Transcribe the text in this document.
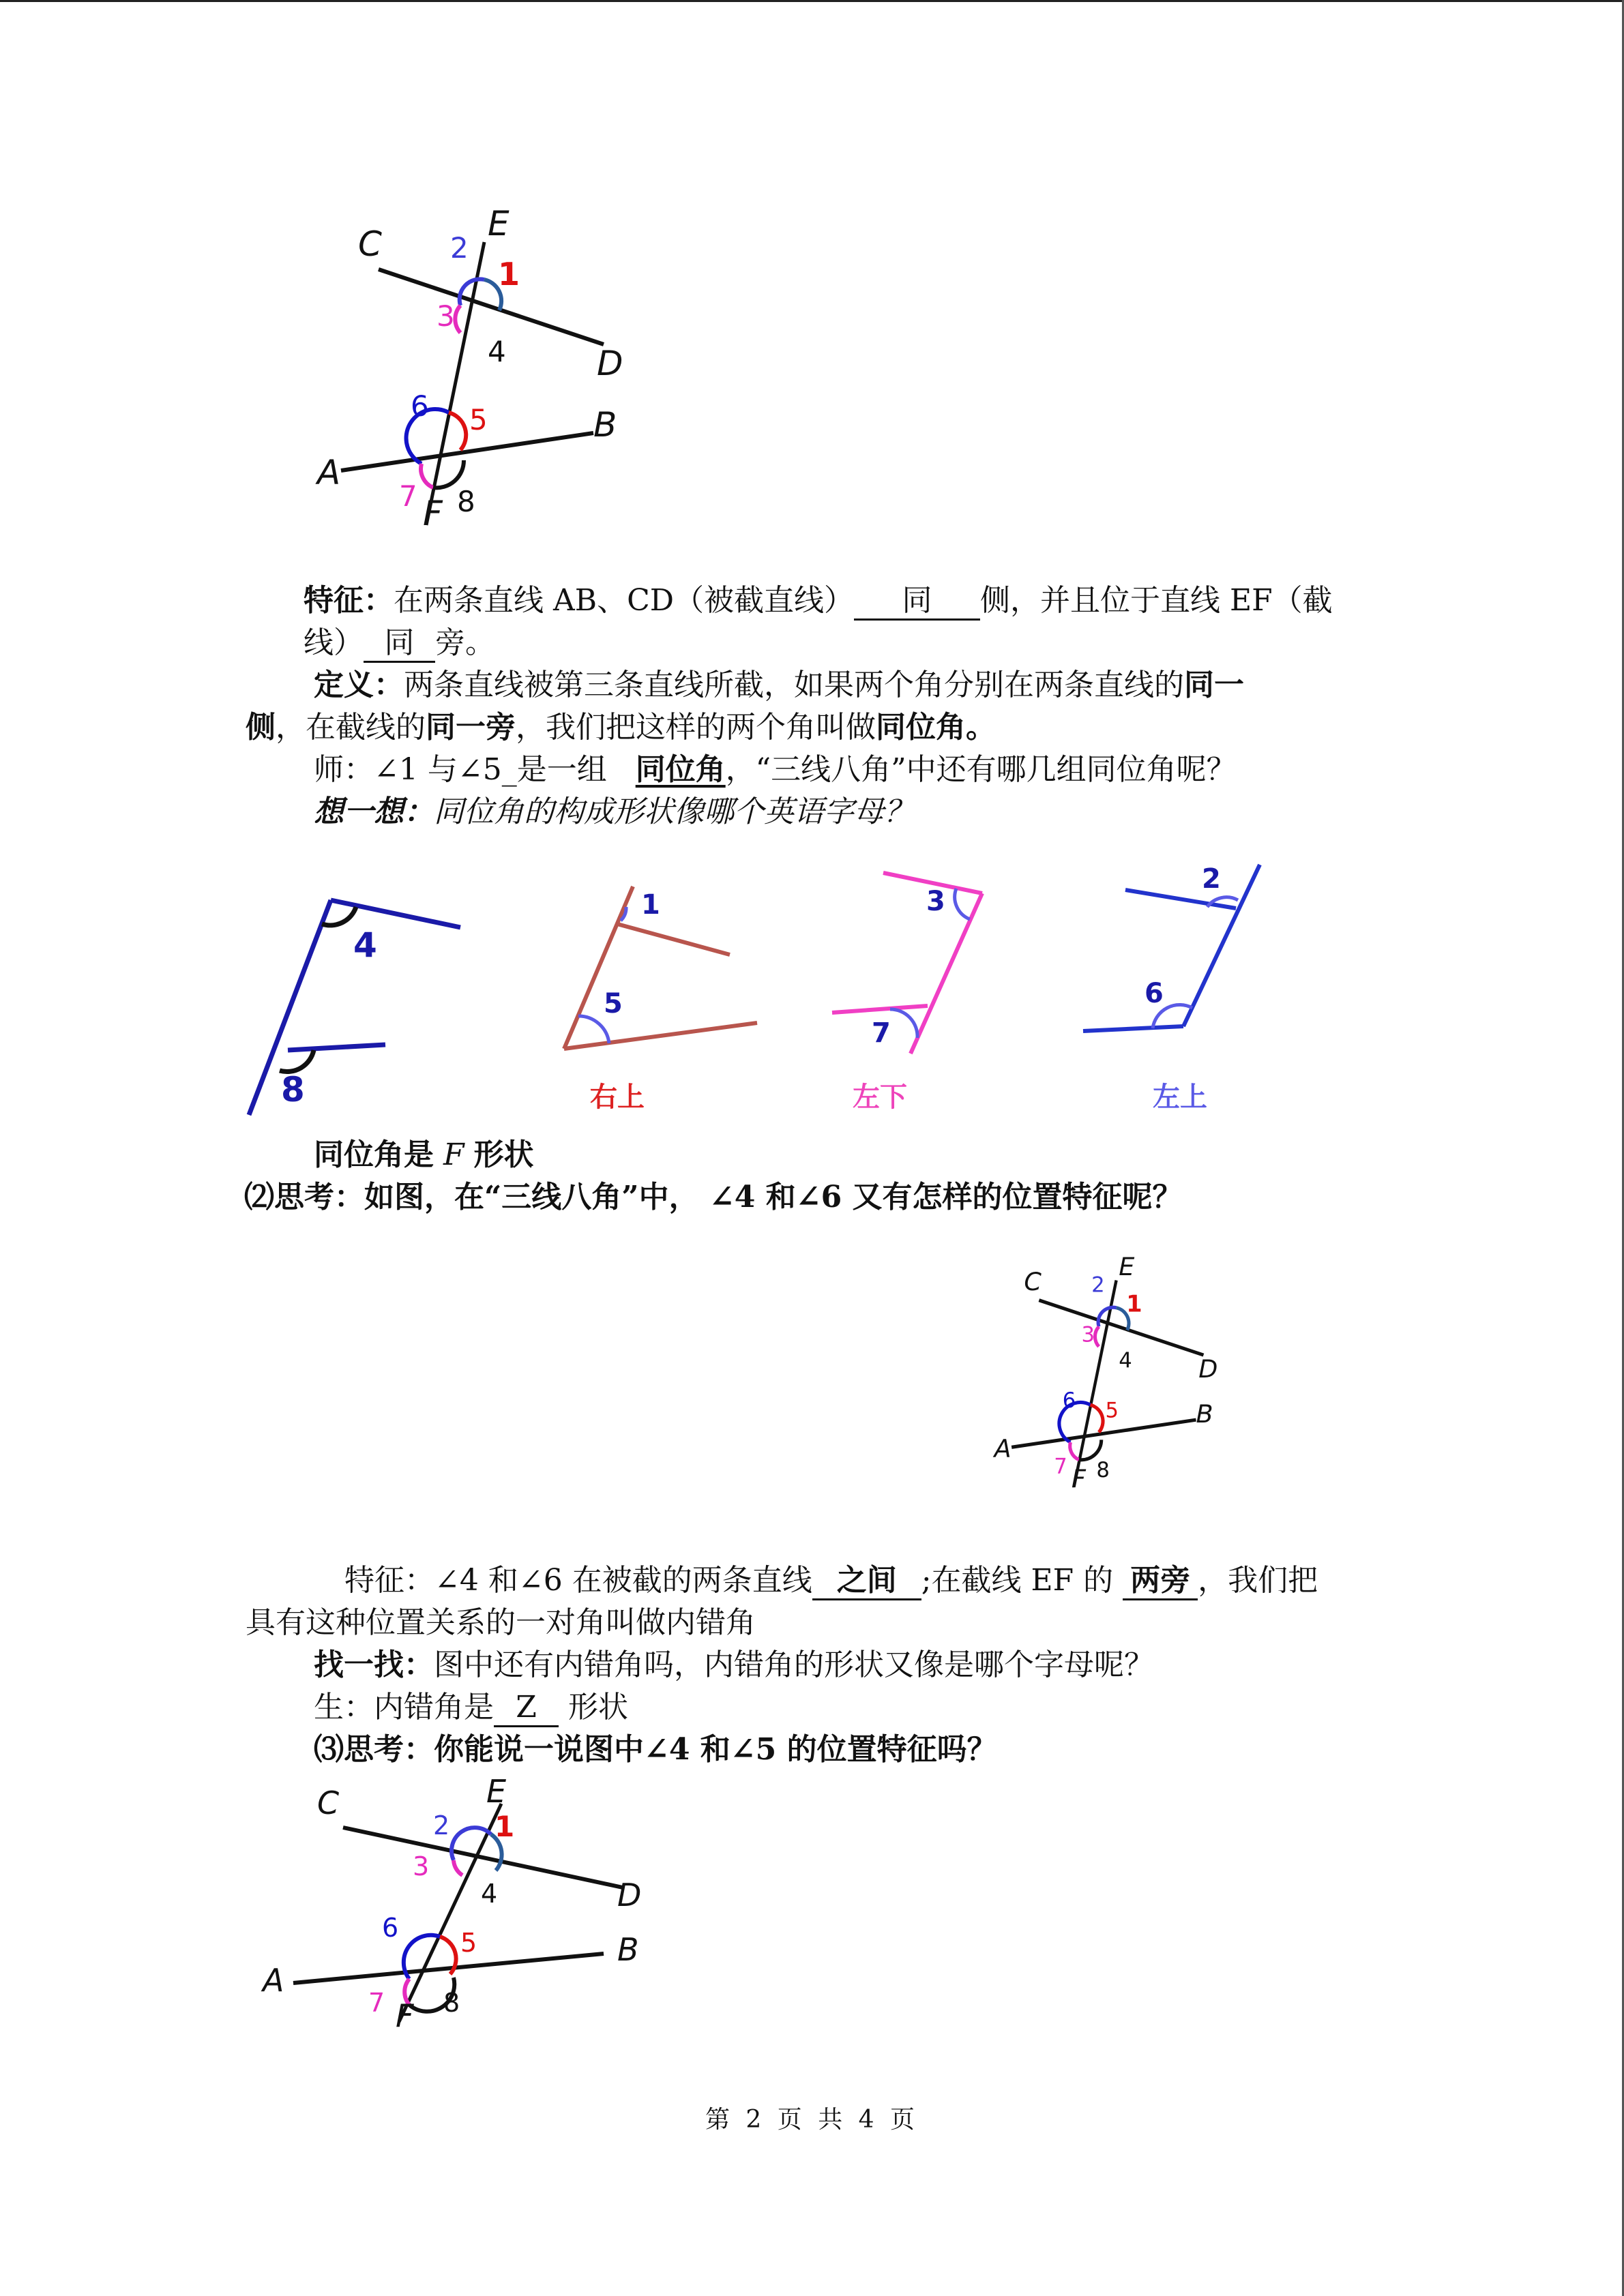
C
E
D
A
B
F
1
2
3
4
5
6
7 8
特征：在两条直线 AB、CD（被截直线） 同 侧，并且位于直线 EF（截
线） 同 旁。
定义：两条直线被第三条直线所截，如果两个角分别在两条直线的同一
侧，在截线的同一旁，我们把这样的两个角叫做同位角。
师：∠1 与∠5_是一组 同位角，“三线八角”中还有哪几组同位角呢？
想一想：同位角的构成形状像哪个英语字母？
4
8
1
5
3
7
2
6
右上	左下	左上
同位角是 F 形状
⑵思考：如图，在“三线八角”中， ∠4 和∠6 又有怎样的位置特征呢？
C
E
D
A
B
F
1
2
3
4
5
6
7 8
特征：∠4 和∠6 在被截的两条直线 之间 ;在截线 EF 的 两旁 ，我们把
具有这种位置关系的一对角叫做内错角
找一找：图中还有内错角吗，内错角的形状又像是哪个字母呢？
生：内错角是 Z 形状
⑶思考：你能说一说图中∠4 和∠5 的位置特征吗？
C	E
D
A
B
F
1
2
3
4
5
6
7 8
第 2 页 共 4 页
